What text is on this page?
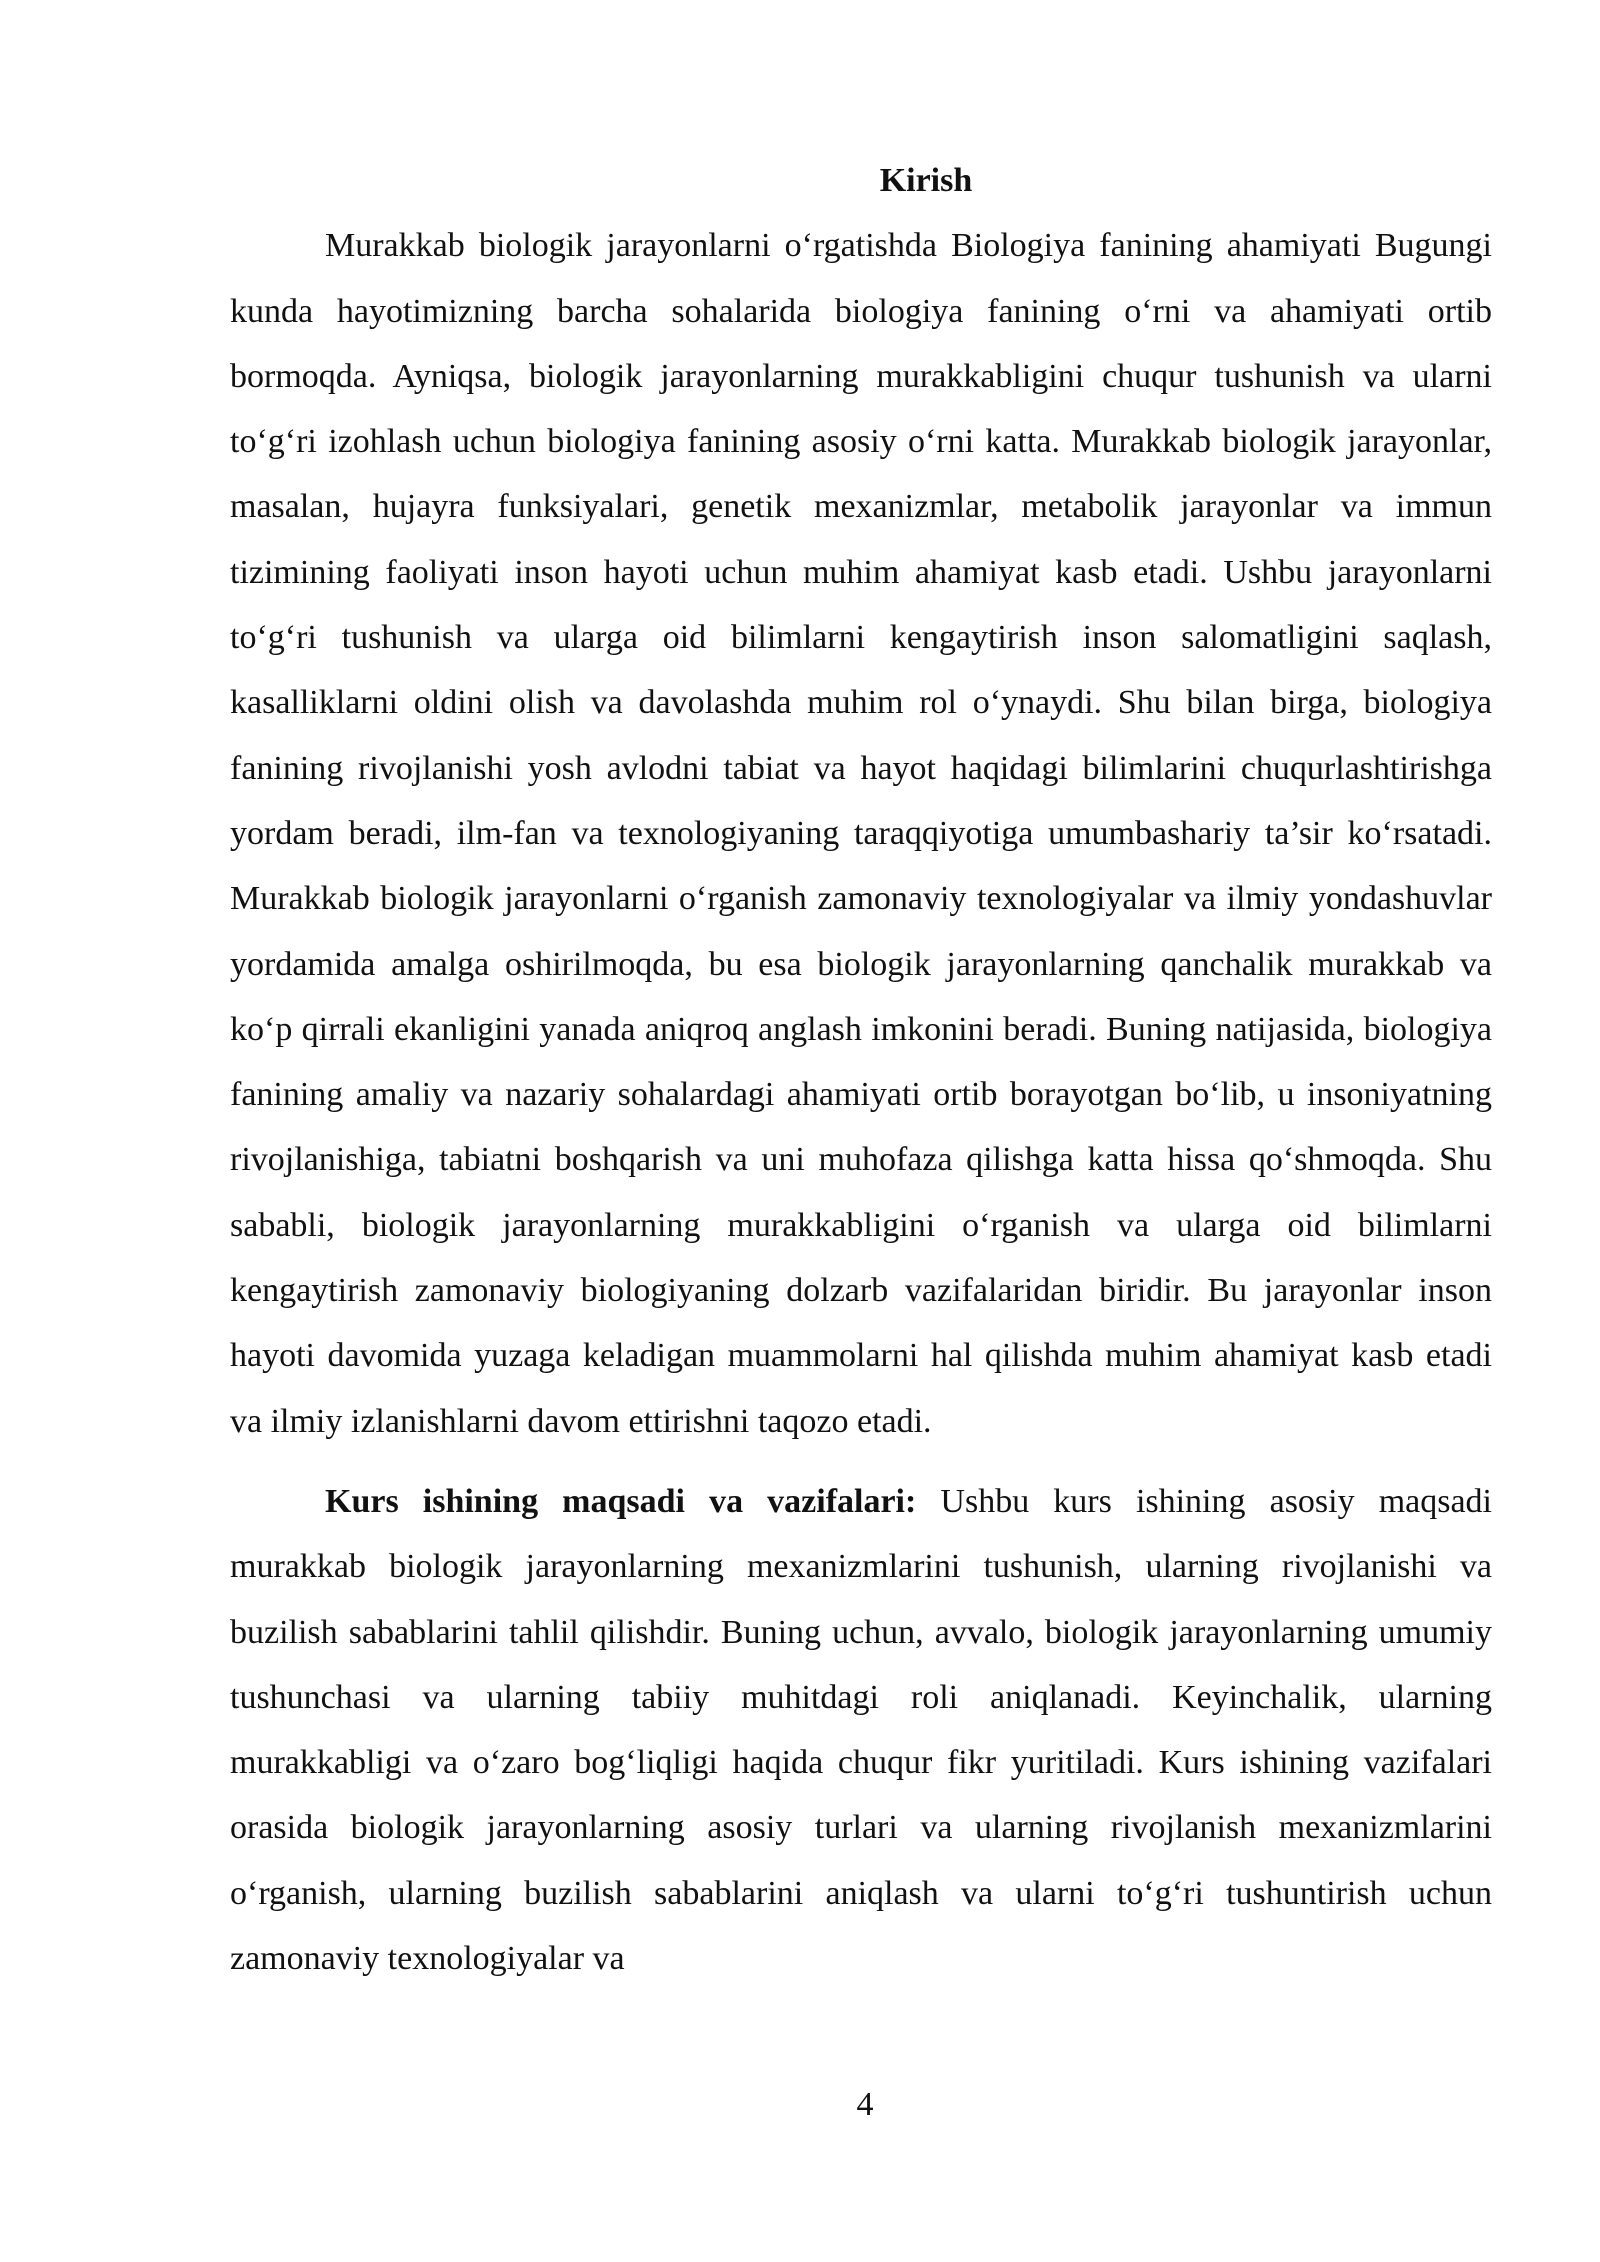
Kirish

Murakkab biologik jarayonlarni o‘rgatishda Biologiya fanining ahamiyati Bugungi kunda hayotimizning barcha sohalarida biologiya fanining o‘rni va ahamiyati ortib bormoqda. Ayniqsa, biologik jarayonlarning murakkabligini chuqur tushunish va ularni to‘g‘ri izohlash uchun biologiya fanining asosiy o‘rni katta. Murakkab biologik jarayonlar, masalan, hujayra funksiyalari, genetik mexanizmlar, metabolik jarayonlar va immun tizimining faoliyati inson hayoti uchun muhim ahamiyat kasb etadi. Ushbu jarayonlarni to‘g‘ri tushunish va ularga oid bilimlarni kengaytirish inson salomatligini saqlash, kasalliklarni oldini olish va davolashda muhim rol o‘ynaydi. Shu bilan birga, biologiya fanining rivojlanishi yosh avlodni tabiat va hayot haqidagi bilimlarini chuqurlashtirishga yordam beradi, ilm-fan va texnologiyaning taraqqiyotiga umumbashariy ta’sir ko‘rsatadi. Murakkab biologik jarayonlarni o‘rganish zamonaviy texnologiyalar va ilmiy yondashuvlar yordamida amalga oshirilmoqda, bu esa biologik jarayonlarning qanchalik murakkab va ko‘p qirrali ekanligini yanada aniqroq anglash imkonini beradi. Buning natijasida, biologiya fanining amaliy va nazariy sohalardagi ahamiyati ortib borayotgan bo‘lib, u insoniyatning rivojlanishiga, tabiatni boshqarish va uni muhofaza qilishga katta hissa qo‘shmoqda. Shu sababli, biologik jarayonlarning murakkabligini o‘rganish va ularga oid bilimlarni kengaytirish zamonaviy biologiyaning dolzarb vazifalaridan biridir. Bu jarayonlar inson hayoti davomida yuzaga keladigan muammolarni hal qilishda muhim ahamiyat kasb etadi va ilmiy izlanishlarni davom ettirishni taqozo etadi.

Kurs ishining maqsadi va vazifalari: Ushbu kurs ishining asosiy maqsadi murakkab biologik jarayonlarning mexanizmlarini tushunish, ularning rivojlanishi va buzilish sabablarini tahlil qilishdir. Buning uchun, avvalo, biologik jarayonlarning umumiy tushunchasi va ularning tabiiy muhitdagi roli aniqlanadi. Keyinchalik, ularning murakkabligi va o‘zaro bog‘liqligi haqida chuqur fikr yuritiladi. Kurs ishining vazifalari orasida biologik jarayonlarning asosiy turlari va ularning rivojlanish mexanizmlarini o‘rganish, ularning buzilish sabablarini aniqlash va ularni to‘g‘ri tushuntirish uchun zamonaviy texnologiyalar va

4
